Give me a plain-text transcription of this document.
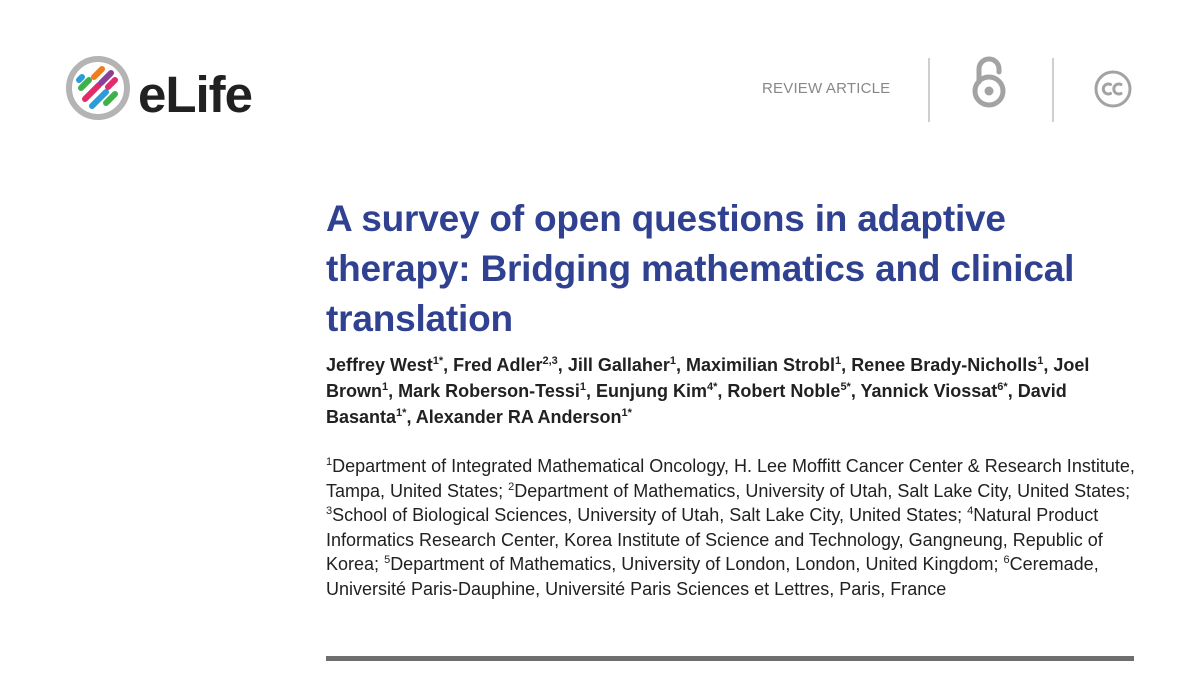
eLife	REVIEW ARTICLE
A survey of open questions in adaptive therapy: Bridging mathematics and clinical translation

Jeffrey West$^{1*}$, Fred Adler$^{2,3}$, Jill Gallaher$^1$, Maximilian Strobl$^1$, Renee Brady-Nicholls$^1$, Joel Brown$^1$, Mark Roberson-Tessi$^1$, Eunjung Kim$^{4*}$, Robert Noble$^{5*}$, Yannick Viossat$^{6*}$, David Basanta$^{1*}$, Alexander RA Anderson$^{1*}$

$^1$Department of Integrated Mathematical Oncology, H. Lee Moffitt Cancer Center & Research Institute, Tampa, United States; $^2$Department of Mathematics, University of Utah, Salt Lake City, United States; $^3$School of Biological Sciences, University of Utah, Salt Lake City, United States; $^4$Natural Product Informatics Research Center, Korea Institute of Science and Technology, Gangneung, Republic of Korea; $^5$Department of Mathematics, University of London, London, United Kingdom; $^6$Ceremade, Université Paris-Dauphine, Université Paris Sciences et Lettres, Paris, France
